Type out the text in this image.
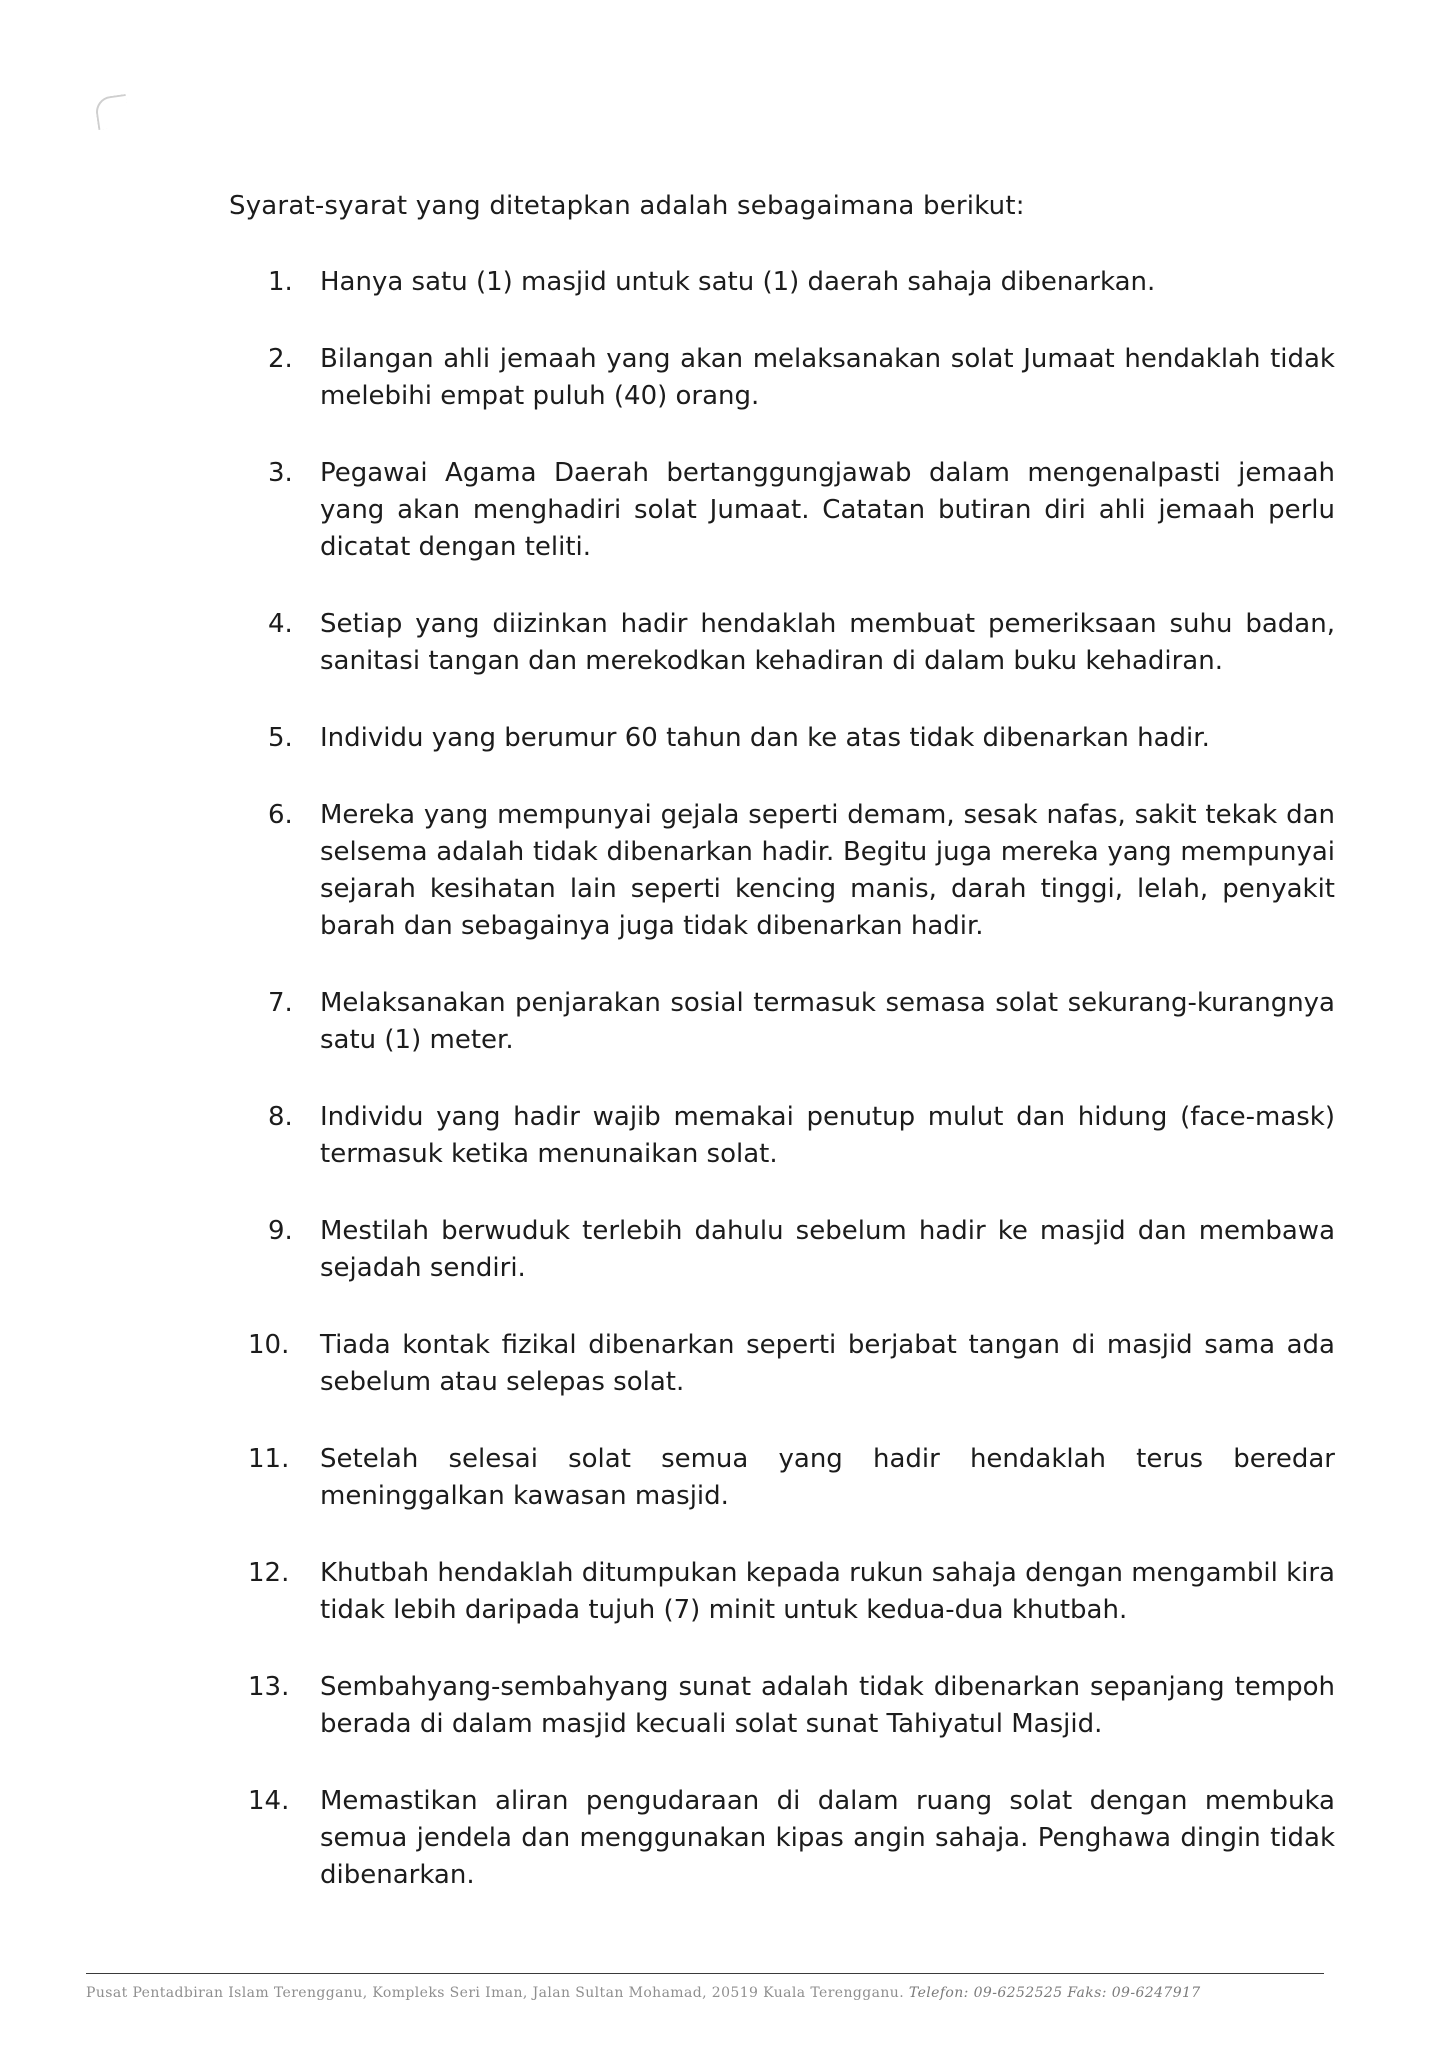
Syarat-syarat yang ditetapkan adalah sebagaimana berikut:

1.	Hanya satu (1) masjid untuk satu (1) daerah sahaja dibenarkan.
2.	Bilangan ahli jemaah yang akan melaksanakan solat Jumaat hendaklah tidak melebihi empat puluh (40) orang.
3.	Pegawai Agama Daerah bertanggungjawab dalam mengenalpasti jemaah yang akan menghadiri solat Jumaat. Catatan butiran diri ahli jemaah perlu dicatat dengan teliti.
4.	Setiap yang diizinkan hadir hendaklah membuat pemeriksaan suhu badan, sanitasi tangan dan merekodkan kehadiran di dalam buku kehadiran.
5.	Individu yang berumur 60 tahun dan ke atas tidak dibenarkan hadir.
6.	Mereka yang mempunyai gejala seperti demam, sesak nafas, sakit tekak dan selsema adalah tidak dibenarkan hadir. Begitu juga mereka yang mempunyai sejarah kesihatan lain seperti kencing manis, darah tinggi, lelah, penyakit barah dan sebagainya juga tidak dibenarkan hadir.
7.	Melaksanakan penjarakan sosial termasuk semasa solat sekurang-kurangnya satu (1) meter.
8.	Individu yang hadir wajib memakai penutup mulut dan hidung (face-mask) termasuk ketika menunaikan solat.
9.	Mestilah berwuduk terlebih dahulu sebelum hadir ke masjid dan membawa sejadah sendiri.
10.	Tiada kontak fizikal dibenarkan seperti berjabat tangan di masjid sama ada sebelum atau selepas solat.
11.	Setelah selesai solat semua yang hadir hendaklah terus beredar meninggalkan kawasan masjid.
12.	Khutbah hendaklah ditumpukan kepada rukun sahaja dengan mengambil kira tidak lebih daripada tujuh (7) minit untuk kedua-dua khutbah.
13.	Sembahyang-sembahyang sunat adalah tidak dibenarkan sepanjang tempoh berada di dalam masjid kecuali solat sunat Tahiyatul Masjid.
14.	Memastikan aliran pengudaraan di dalam ruang solat dengan membuka semua jendela dan menggunakan kipas angin sahaja. Penghawa dingin tidak dibenarkan.
Pusat Pentadbiran Islam Terengganu, Kompleks Seri Iman, Jalan Sultan Mohamad, 20519 Kuala Terengganu. Telefon: 09-6252525 Faks: 09-6247917
